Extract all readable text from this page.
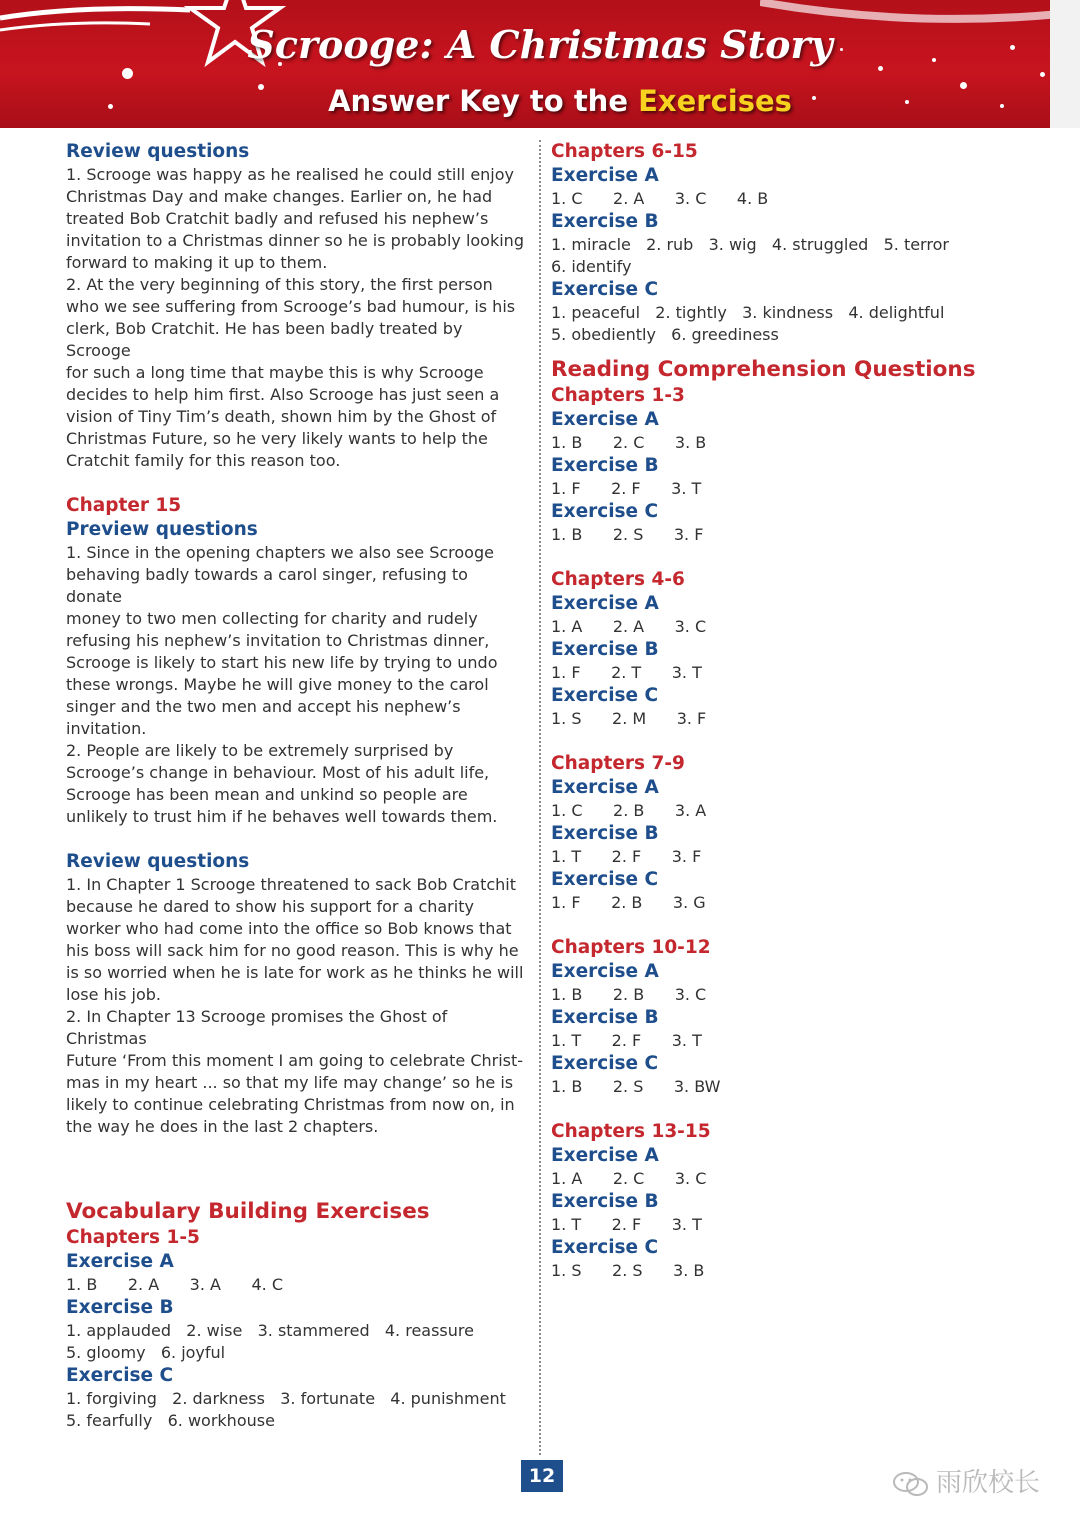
Scrooge: A Christmas Story
Answer Key to the Exercises
Review questions
1. Scrooge was happy as he realised he could still enjoy
Christmas Day and make changes. Earlier on, he had
treated Bob Cratchit badly and refused his nephew’s
invitation to a Christmas dinner so he is probably looking
forward to making it up to them.
2. At the very beginning of this story, the first person
who we see suffering from Scrooge’s bad humour, is his
clerk, Bob Cratchit. He has been badly treated by Scrooge
for such a long time that maybe this is why Scrooge
decides to help him first. Also Scrooge has just seen a
vision of Tiny Tim’s death, shown him by the Ghost of
Christmas Future, so he very likely wants to help the
Cratchit family for this reason too.
Chapter 15
Preview questions
1. Since in the opening chapters we also see Scrooge
behaving badly towards a carol singer, refusing to donate
money to two men collecting for charity and rudely
refusing his nephew’s invitation to Christmas dinner,
Scrooge is likely to start his new life by trying to undo
these wrongs. Maybe he will give money to the carol
singer and the two men and accept his nephew’s invitation.
2. People are likely to be extremely surprised by
Scrooge’s change in behaviour. Most of his adult life,
Scrooge has been mean and unkind so people are
unlikely to trust him if he behaves well towards them.
Review questions
1. In Chapter 1 Scrooge threatened to sack Bob Cratchit
because he dared to show his support for a charity
worker who had come into the office so Bob knows that
his boss will sack him for no good reason. This is why he
is so worried when he is late for work as he thinks he will
lose his job.
2. In Chapter 13 Scrooge promises the Ghost of Christmas
Future ‘From this moment I am going to celebrate Christ-
mas in my heart ... so that my life may change’ so he is
likely to continue celebrating Christmas from now on, in
the way he does in the last 2 chapters.
Vocabulary Building Exercises
Chapters 1-5
Exercise A
1. B      2. A      3. A      4. C
Exercise B
1. applauded   2. wise   3. stammered   4. reassure
5. gloomy   6. joyful
Exercise C
1. forgiving   2. darkness   3. fortunate   4. punishment
5. fearfully   6. workhouse
Chapters 6-15
Exercise A
1. C      2. A      3. C      4. B
Exercise B
1. miracle   2. rub   3. wig   4. struggled   5. terror
6. identify
Exercise C
1. peaceful   2. tightly   3. kindness   4. delightful
5. obediently   6. greediness
Reading Comprehension Questions
Chapters 1-3
Exercise A
1. B      2. C      3. B
Exercise B
1. F      2. F      3. T
Exercise C
1. B      2. S      3. F
Chapters 4-6
Exercise A
1. A      2. A      3. C
Exercise B
1. F      2. T      3. T
Exercise C
1. S      2. M      3. F
Chapters 7-9
Exercise A
1. C      2. B      3. A
Exercise B
1. T      2. F      3. F
Exercise C
1. F      2. B      3. G
Chapters 10-12
Exercise A
1. B      2. B      3. C
Exercise B
1. T      2. F      3. T
Exercise C
1. B      2. S      3. BW
Chapters 13-15
Exercise A
1. A      2. C      3. C
Exercise B
1. T      2. F      3. T
Exercise C
1. S      2. S      3. B
12	雨欣校长
